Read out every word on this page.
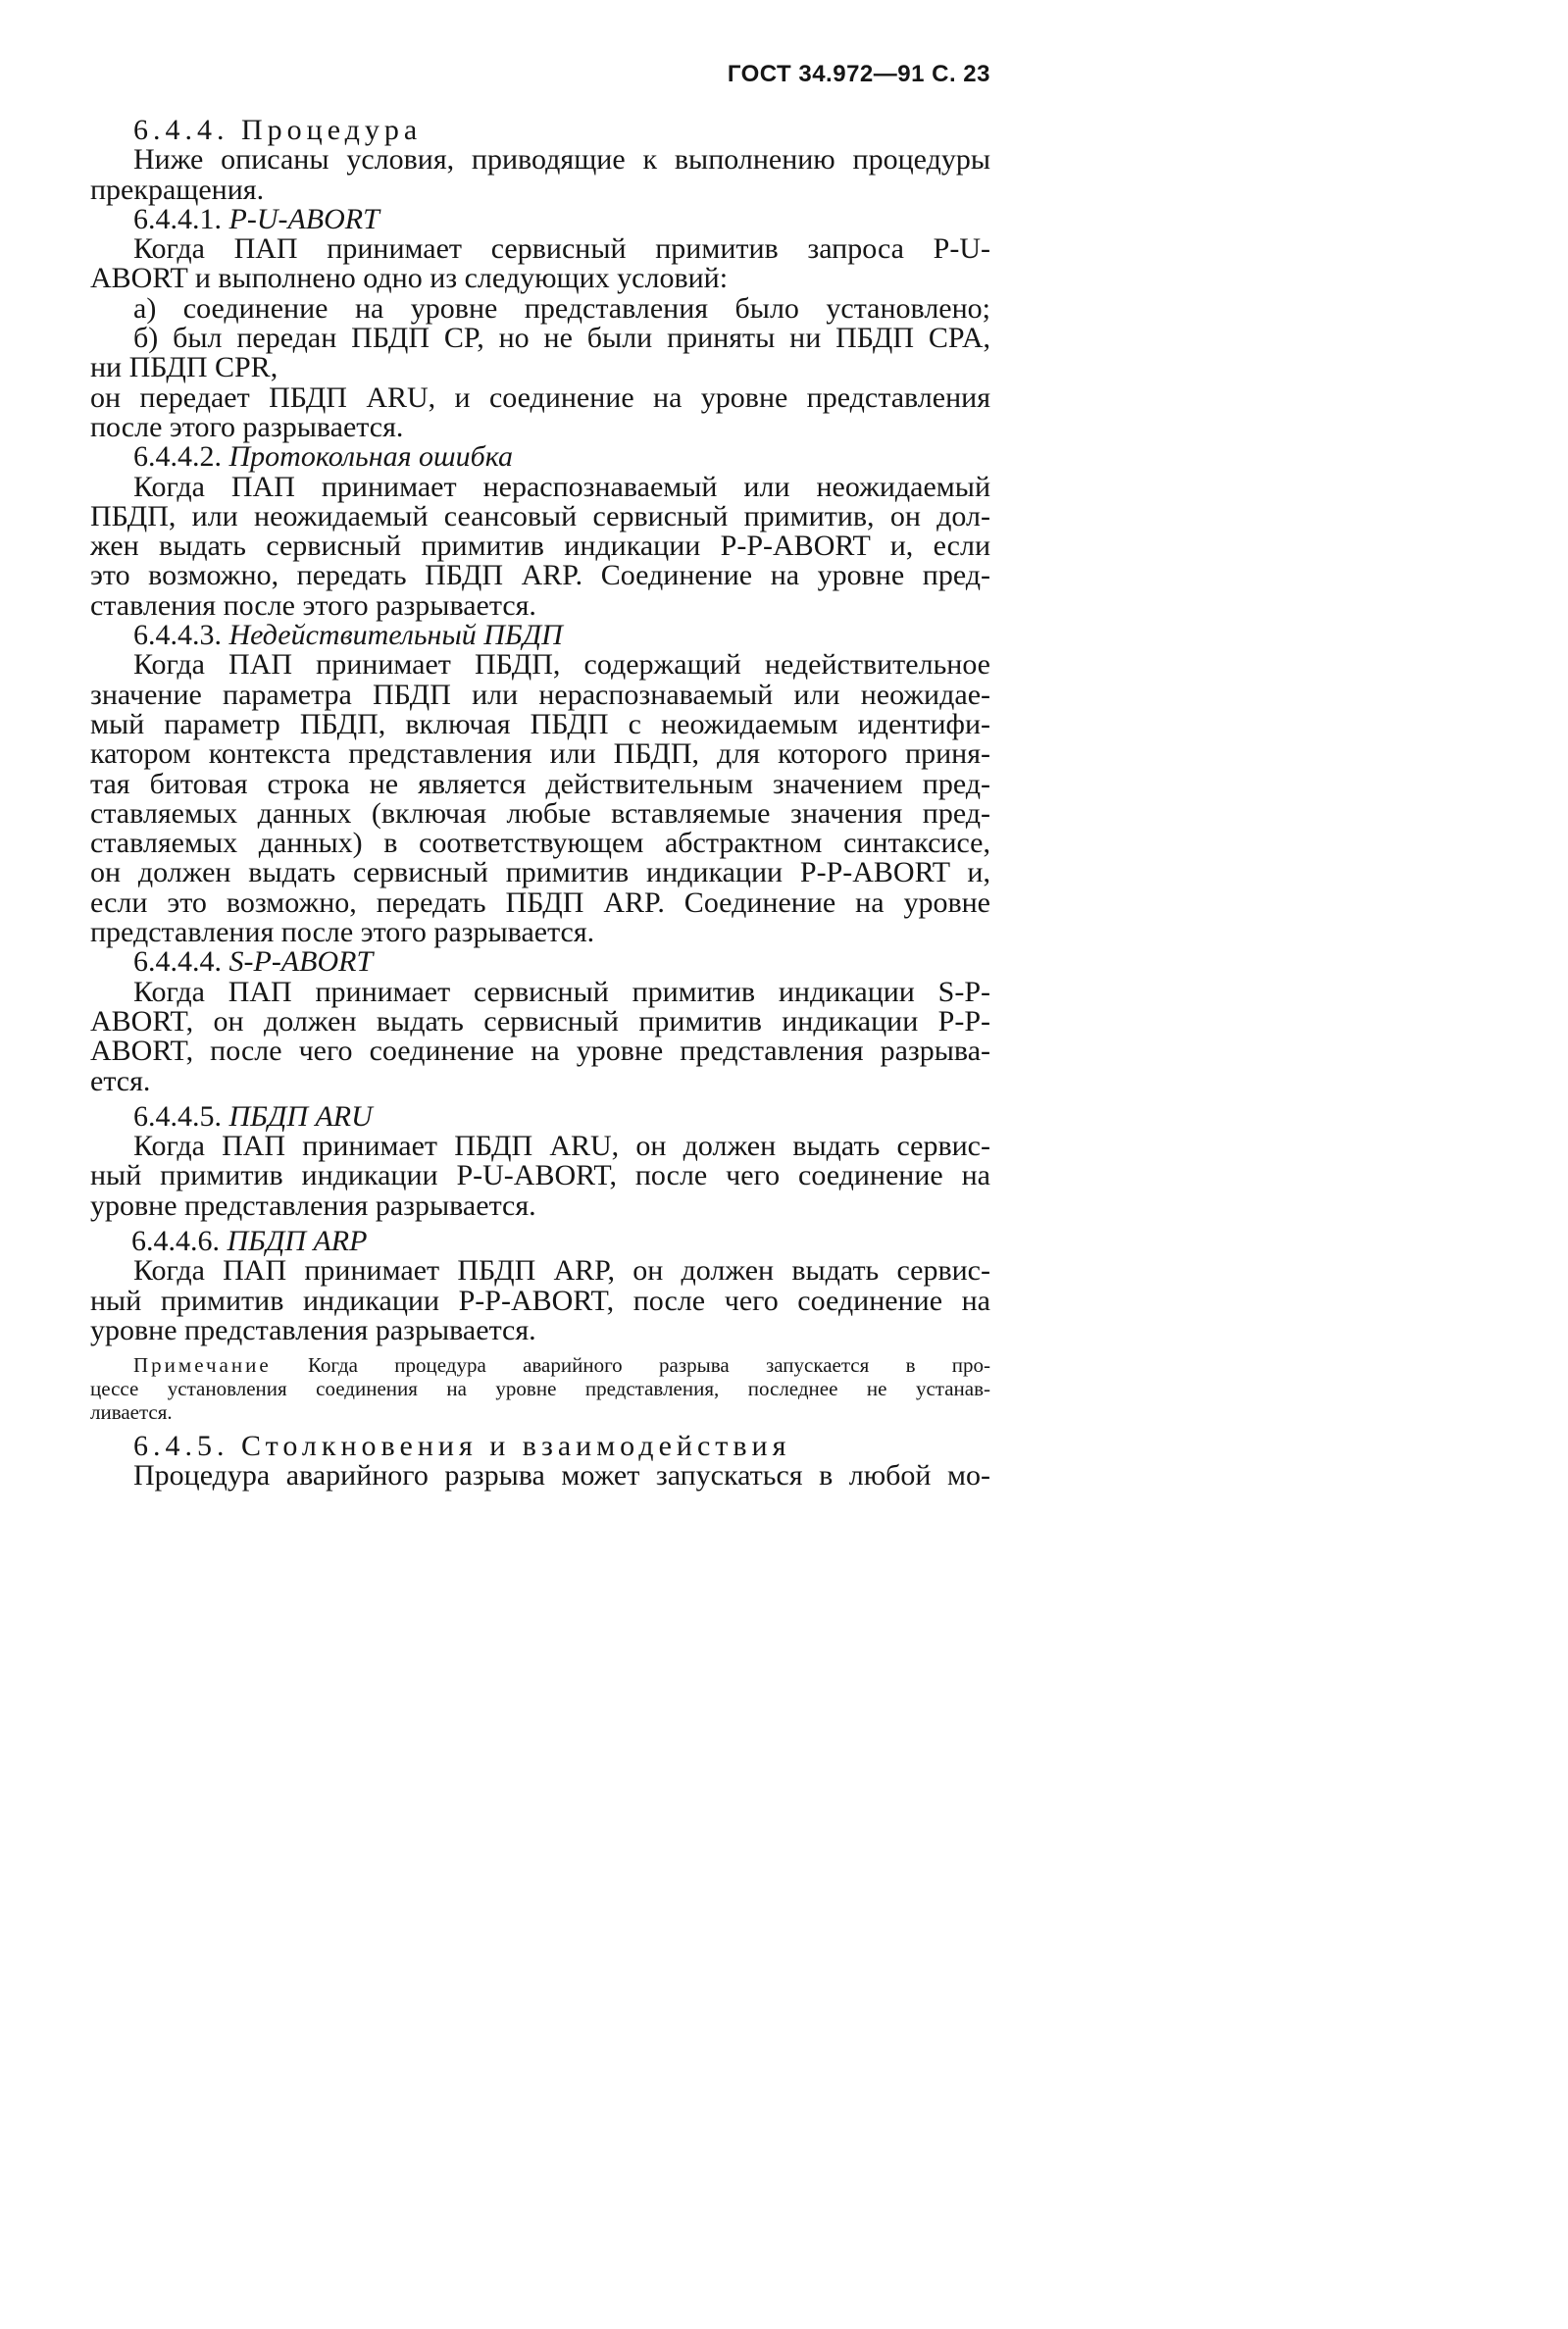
ГОСТ 34.972—91 С. 23
6.4.4. Процедура
Ниже описаны условия, приводящие к выполнению процедуры
прекращения.
6.4.4.1. P-U-ABORT
Когда ПАП принимает сервисный примитив запроса P-U-
ABORT и выполнено одно из следующих условий:
а) соединение на уровне представления было установлено;
б) был передан ПБДП CP, но не были приняты ни ПБДП CPA,
ни ПБДП CPR,
он передает ПБДП ARU, и соединение на уровне представления
после этого разрывается.
6.4.4.2. Протокольная ошибка
Когда ПАП принимает нераспознаваемый или неожидаемый
ПБДП, или неожидаемый сеансовый сервисный примитив, он дол-
жен выдать сервисный примитив индикации P-P-ABORT и, если
это возможно, передать ПБДП ARP. Соединение на уровне пред-
ставления после этого разрывается.
6.4.4.3. Недействительный ПБДП
Когда ПАП принимает ПБДП, содержащий недействительное
значение параметра ПБДП или нераспознаваемый или неожидае-
мый параметр ПБДП, включая ПБДП с неожидаемым идентифи-
катором контекста представления или ПБДП, для которого приня-
тая битовая строка не является действительным значением пред-
ставляемых данных (включая любые вставляемые значения пред-
ставляемых данных) в соответствующем абстрактном синтаксисе,
он должен выдать сервисный примитив индикации P-P-ABORT и,
если это возможно, передать ПБДП ARP. Соединение на уровне
представления после этого разрывается.
6.4.4.4. S-P-ABORT
Когда ПАП принимает сервисный примитив индикации S-P-
ABORT, он должен выдать сервисный примитив индикации P-P-
ABORT, после чего соединение на уровне представления разрыва-
ется.
6.4.4.5. ПБДП ARU
Когда ПАП принимает ПБДП ARU, он должен выдать сервис-
ный примитив индикации P-U-ABORT, после чего соединение на
уровне представления разрывается.
6.4.4.6. ПБДП ARP
Когда ПАП принимает ПБДП ARP, он должен выдать сервис-
ный примитив индикации P-P-ABORT, после чего соединение на
уровне представления разрывается.
Примечание Когда процедура аварийного разрыва запускается в про-
цессе установления соединения на уровне представления, последнее не устанав-
ливается.
6.4.5. Столкновения и взаимодействия
Процедура аварийного разрыва может запускаться в любой мо-
